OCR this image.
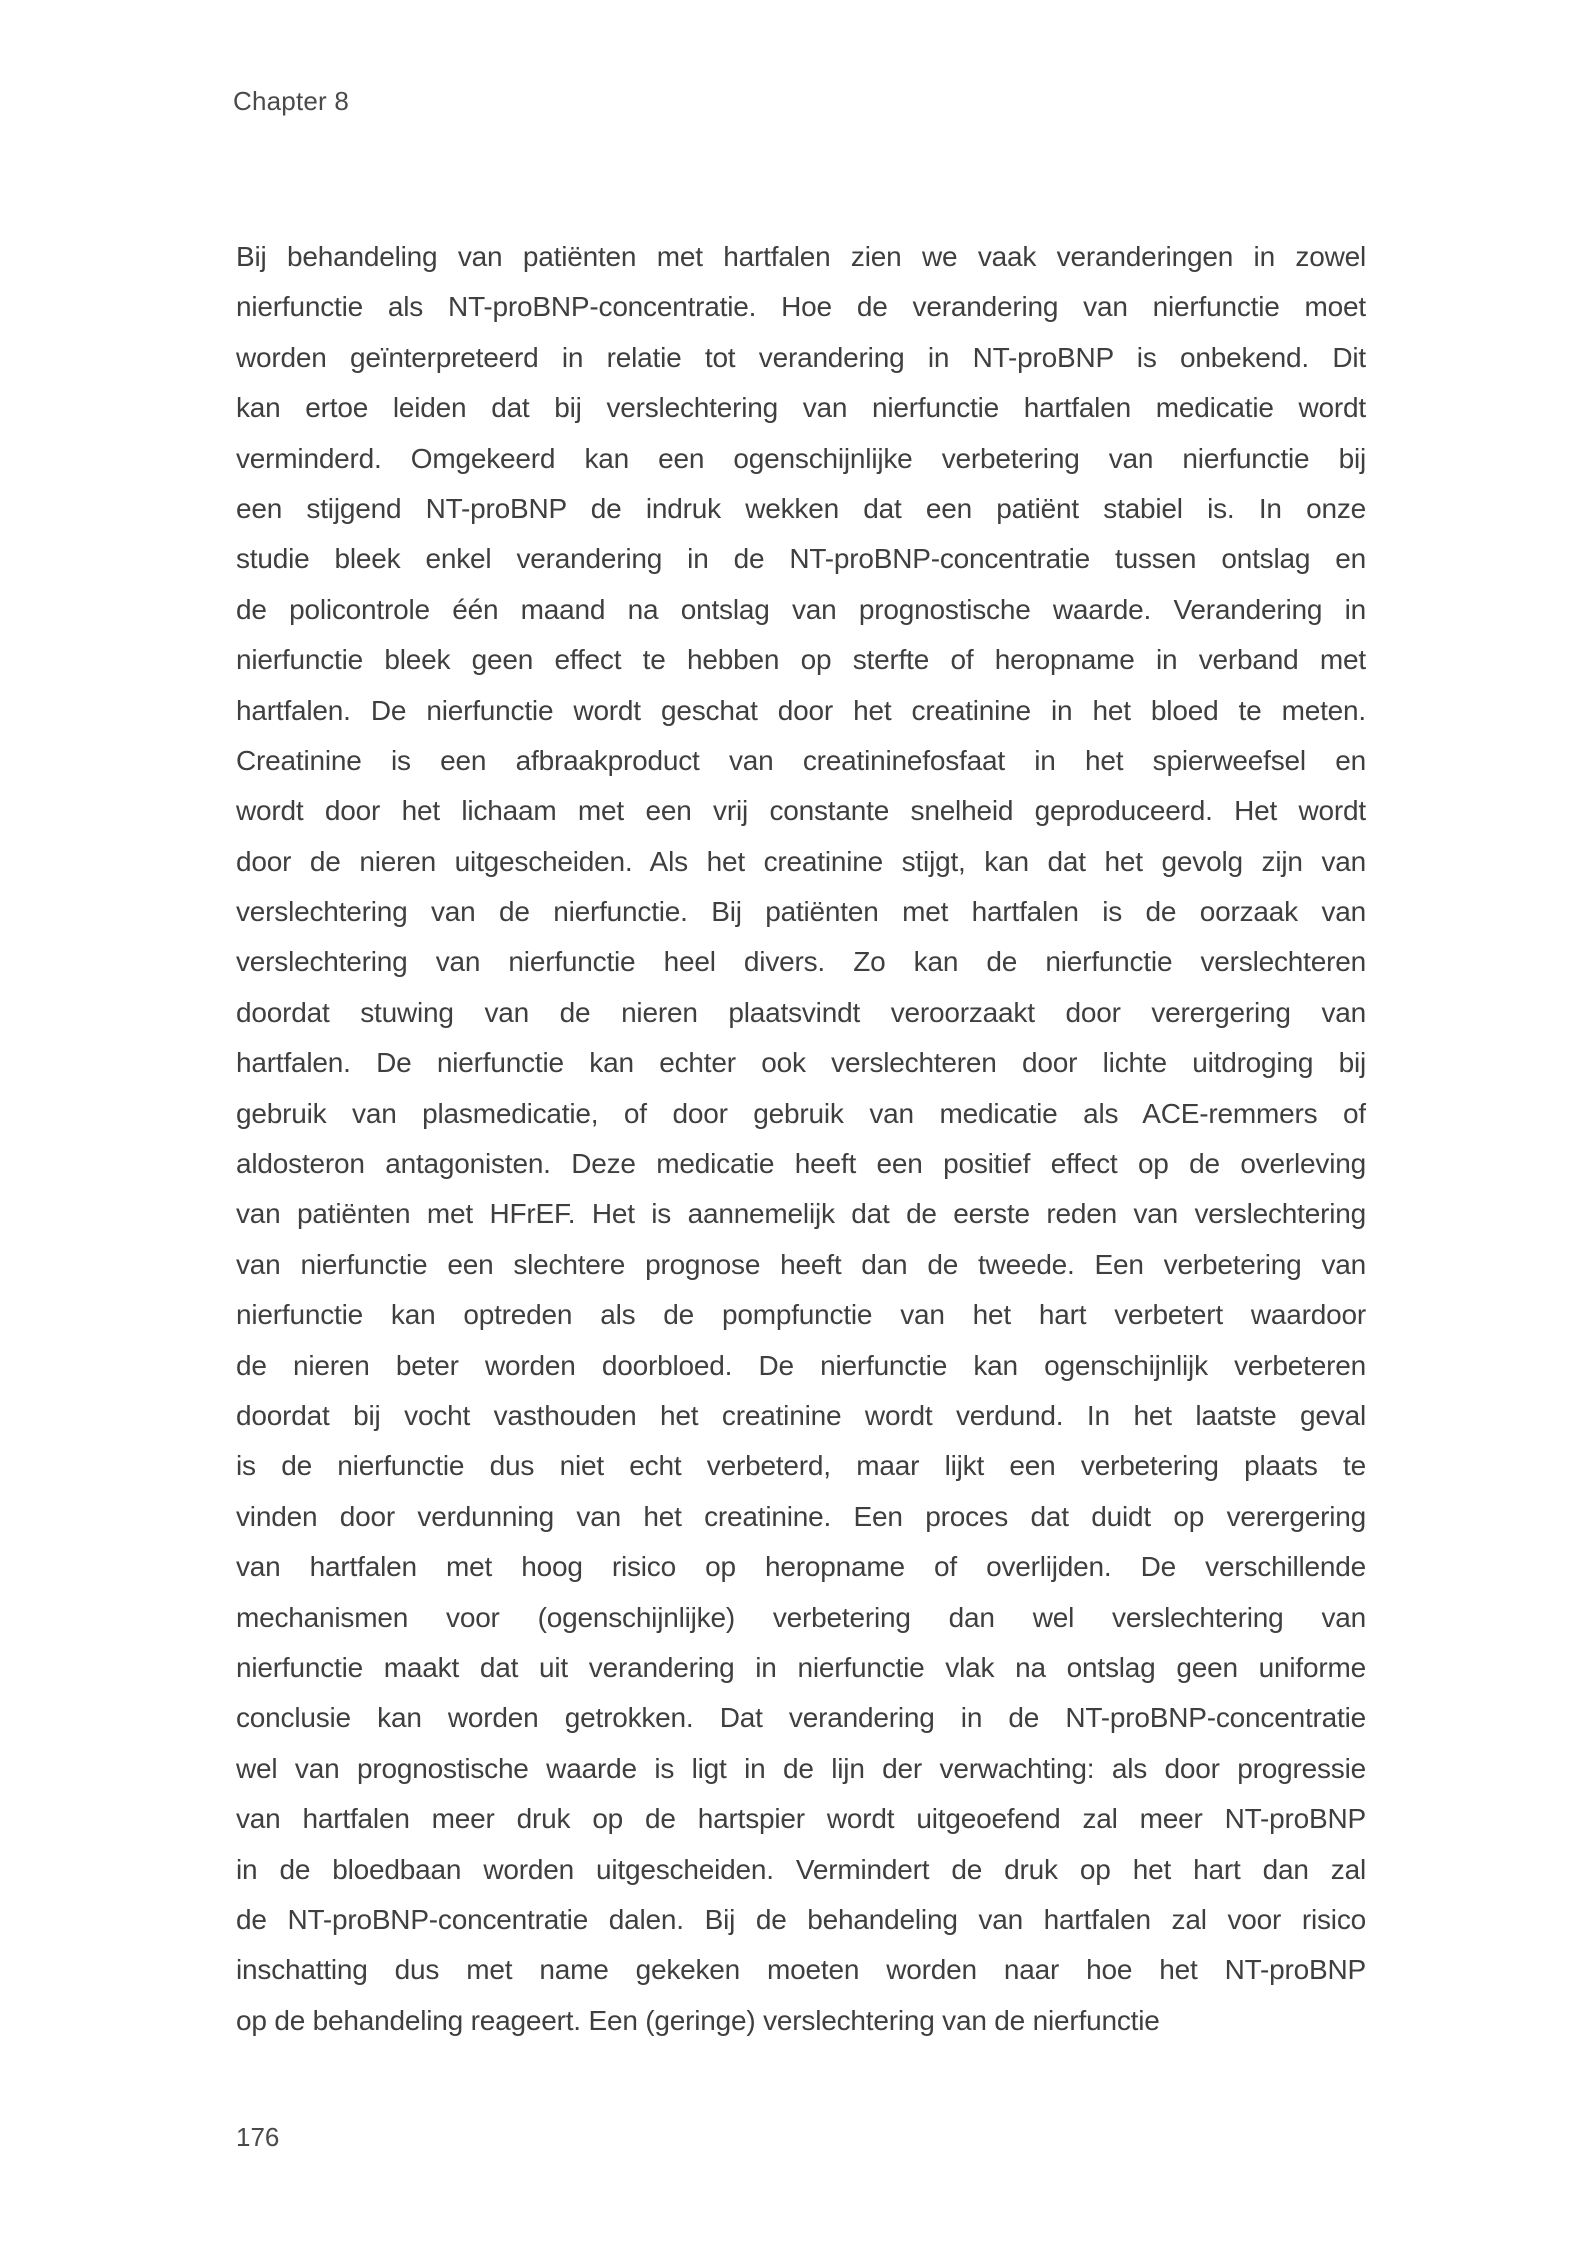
Chapter 8
Bij behandeling van patiënten met hartfalen zien we vaak veranderingen in zowel
nierfunctie als NT-proBNP-concentratie. Hoe de verandering van nierfunctie moet
worden geïnterpreteerd in relatie tot verandering in NT-proBNP is onbekend. Dit
kan ertoe leiden dat bij verslechtering van nierfunctie hartfalen medicatie wordt
verminderd. Omgekeerd kan een ogenschijnlijke verbetering van nierfunctie bij
een stijgend NT-proBNP de indruk wekken dat een patiënt stabiel is. In onze
studie bleek enkel verandering in de NT-proBNP-concentratie tussen ontslag en
de policontrole één maand na ontslag van prognostische waarde. Verandering in
nierfunctie bleek geen effect te hebben op sterfte of heropname in verband met
hartfalen. De nierfunctie wordt geschat door het creatinine in het bloed te meten.
Creatinine is een afbraakproduct van creatininefosfaat in het spierweefsel en
wordt door het lichaam met een vrij constante snelheid geproduceerd. Het wordt
door de nieren uitgescheiden. Als het creatinine stijgt, kan dat het gevolg zijn van
verslechtering van de nierfunctie. Bij patiënten met hartfalen is de oorzaak van
verslechtering van nierfunctie heel divers. Zo kan de nierfunctie verslechteren
doordat stuwing van de nieren plaatsvindt veroorzaakt door verergering van
hartfalen. De nierfunctie kan echter ook verslechteren door lichte uitdroging bij
gebruik van plasmedicatie, of door gebruik van medicatie als ACE-remmers of
aldosteron antagonisten. Deze medicatie heeft een positief effect op de overleving
van patiënten met HFrEF. Het is aannemelijk dat de eerste reden van verslechtering
van nierfunctie een slechtere prognose heeft dan de tweede. Een verbetering van
nierfunctie kan optreden als de pompfunctie van het hart verbetert waardoor
de nieren beter worden doorbloed. De nierfunctie kan ogenschijnlijk verbeteren
doordat bij vocht vasthouden het creatinine wordt verdund. In het laatste geval
is de nierfunctie dus niet echt verbeterd, maar lijkt een verbetering plaats te
vinden door verdunning van het creatinine. Een proces dat duidt op verergering
van hartfalen met hoog risico op heropname of overlijden. De verschillende
mechanismen voor (ogenschijnlijke) verbetering dan wel verslechtering van
nierfunctie maakt dat uit verandering in nierfunctie vlak na ontslag geen uniforme
conclusie kan worden getrokken. Dat verandering in de NT-proBNP-concentratie
wel van prognostische waarde is ligt in de lijn der verwachting: als door progressie
van hartfalen meer druk op de hartspier wordt uitgeoefend zal meer NT-proBNP
in de bloedbaan worden uitgescheiden. Vermindert de druk op het hart dan zal
de NT-proBNP-concentratie dalen. Bij de behandeling van hartfalen zal voor risico
inschatting dus met name gekeken moeten worden naar hoe het NT-proBNP
op de behandeling reageert. Een (geringe) verslechtering van de nierfunctie
176
